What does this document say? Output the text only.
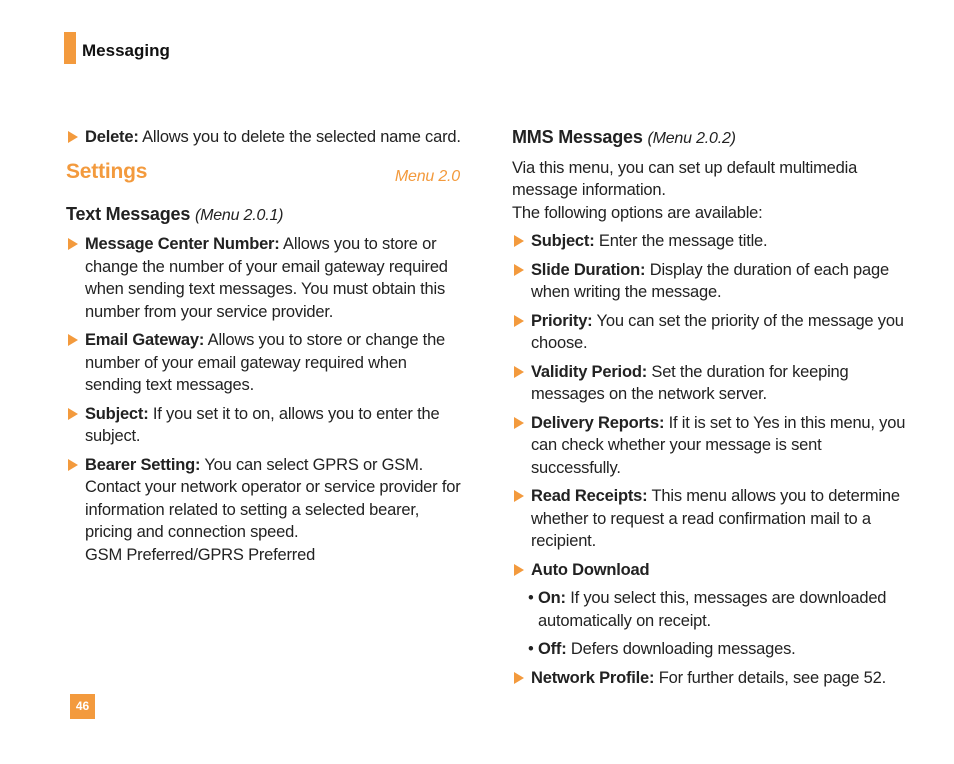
Messaging
Delete: Allows you to delete the selected name card.
Settings	Menu 2.0
Text Messages (Menu 2.0.1)
Message Center Number: Allows you to store or change the number of your email gateway required when sending text messages. You must obtain this number from your service provider.
Email Gateway: Allows you to store or change the number of your email gateway required when sending text messages.
Subject: If you set it to on, allows you to enter the subject.
Bearer Setting: You can select GPRS or GSM. Contact your network operator or service provider for information related to setting a selected bearer, pricing and connection speed.
GSM Preferred/GPRS Preferred
MMS Messages (Menu 2.0.2)
Via this menu, you can set up default multimedia message information.
The following options are available:
Subject: Enter the message title.
Slide Duration: Display the duration of each page when writing the message.
Priority: You can set the priority of the message you choose.
Validity Period: Set the duration for keeping messages on the network server.
Delivery Reports: If it is set to Yes in this menu, you can check whether your message is sent successfully.
Read Receipts: This menu allows you to determine whether to request a read confirmation mail to a recipient.
Auto Download
• On: If you select this, messages are downloaded automatically on receipt.
• Off: Defers downloading messages.
Network Profile: For further details, see page 52.
46
